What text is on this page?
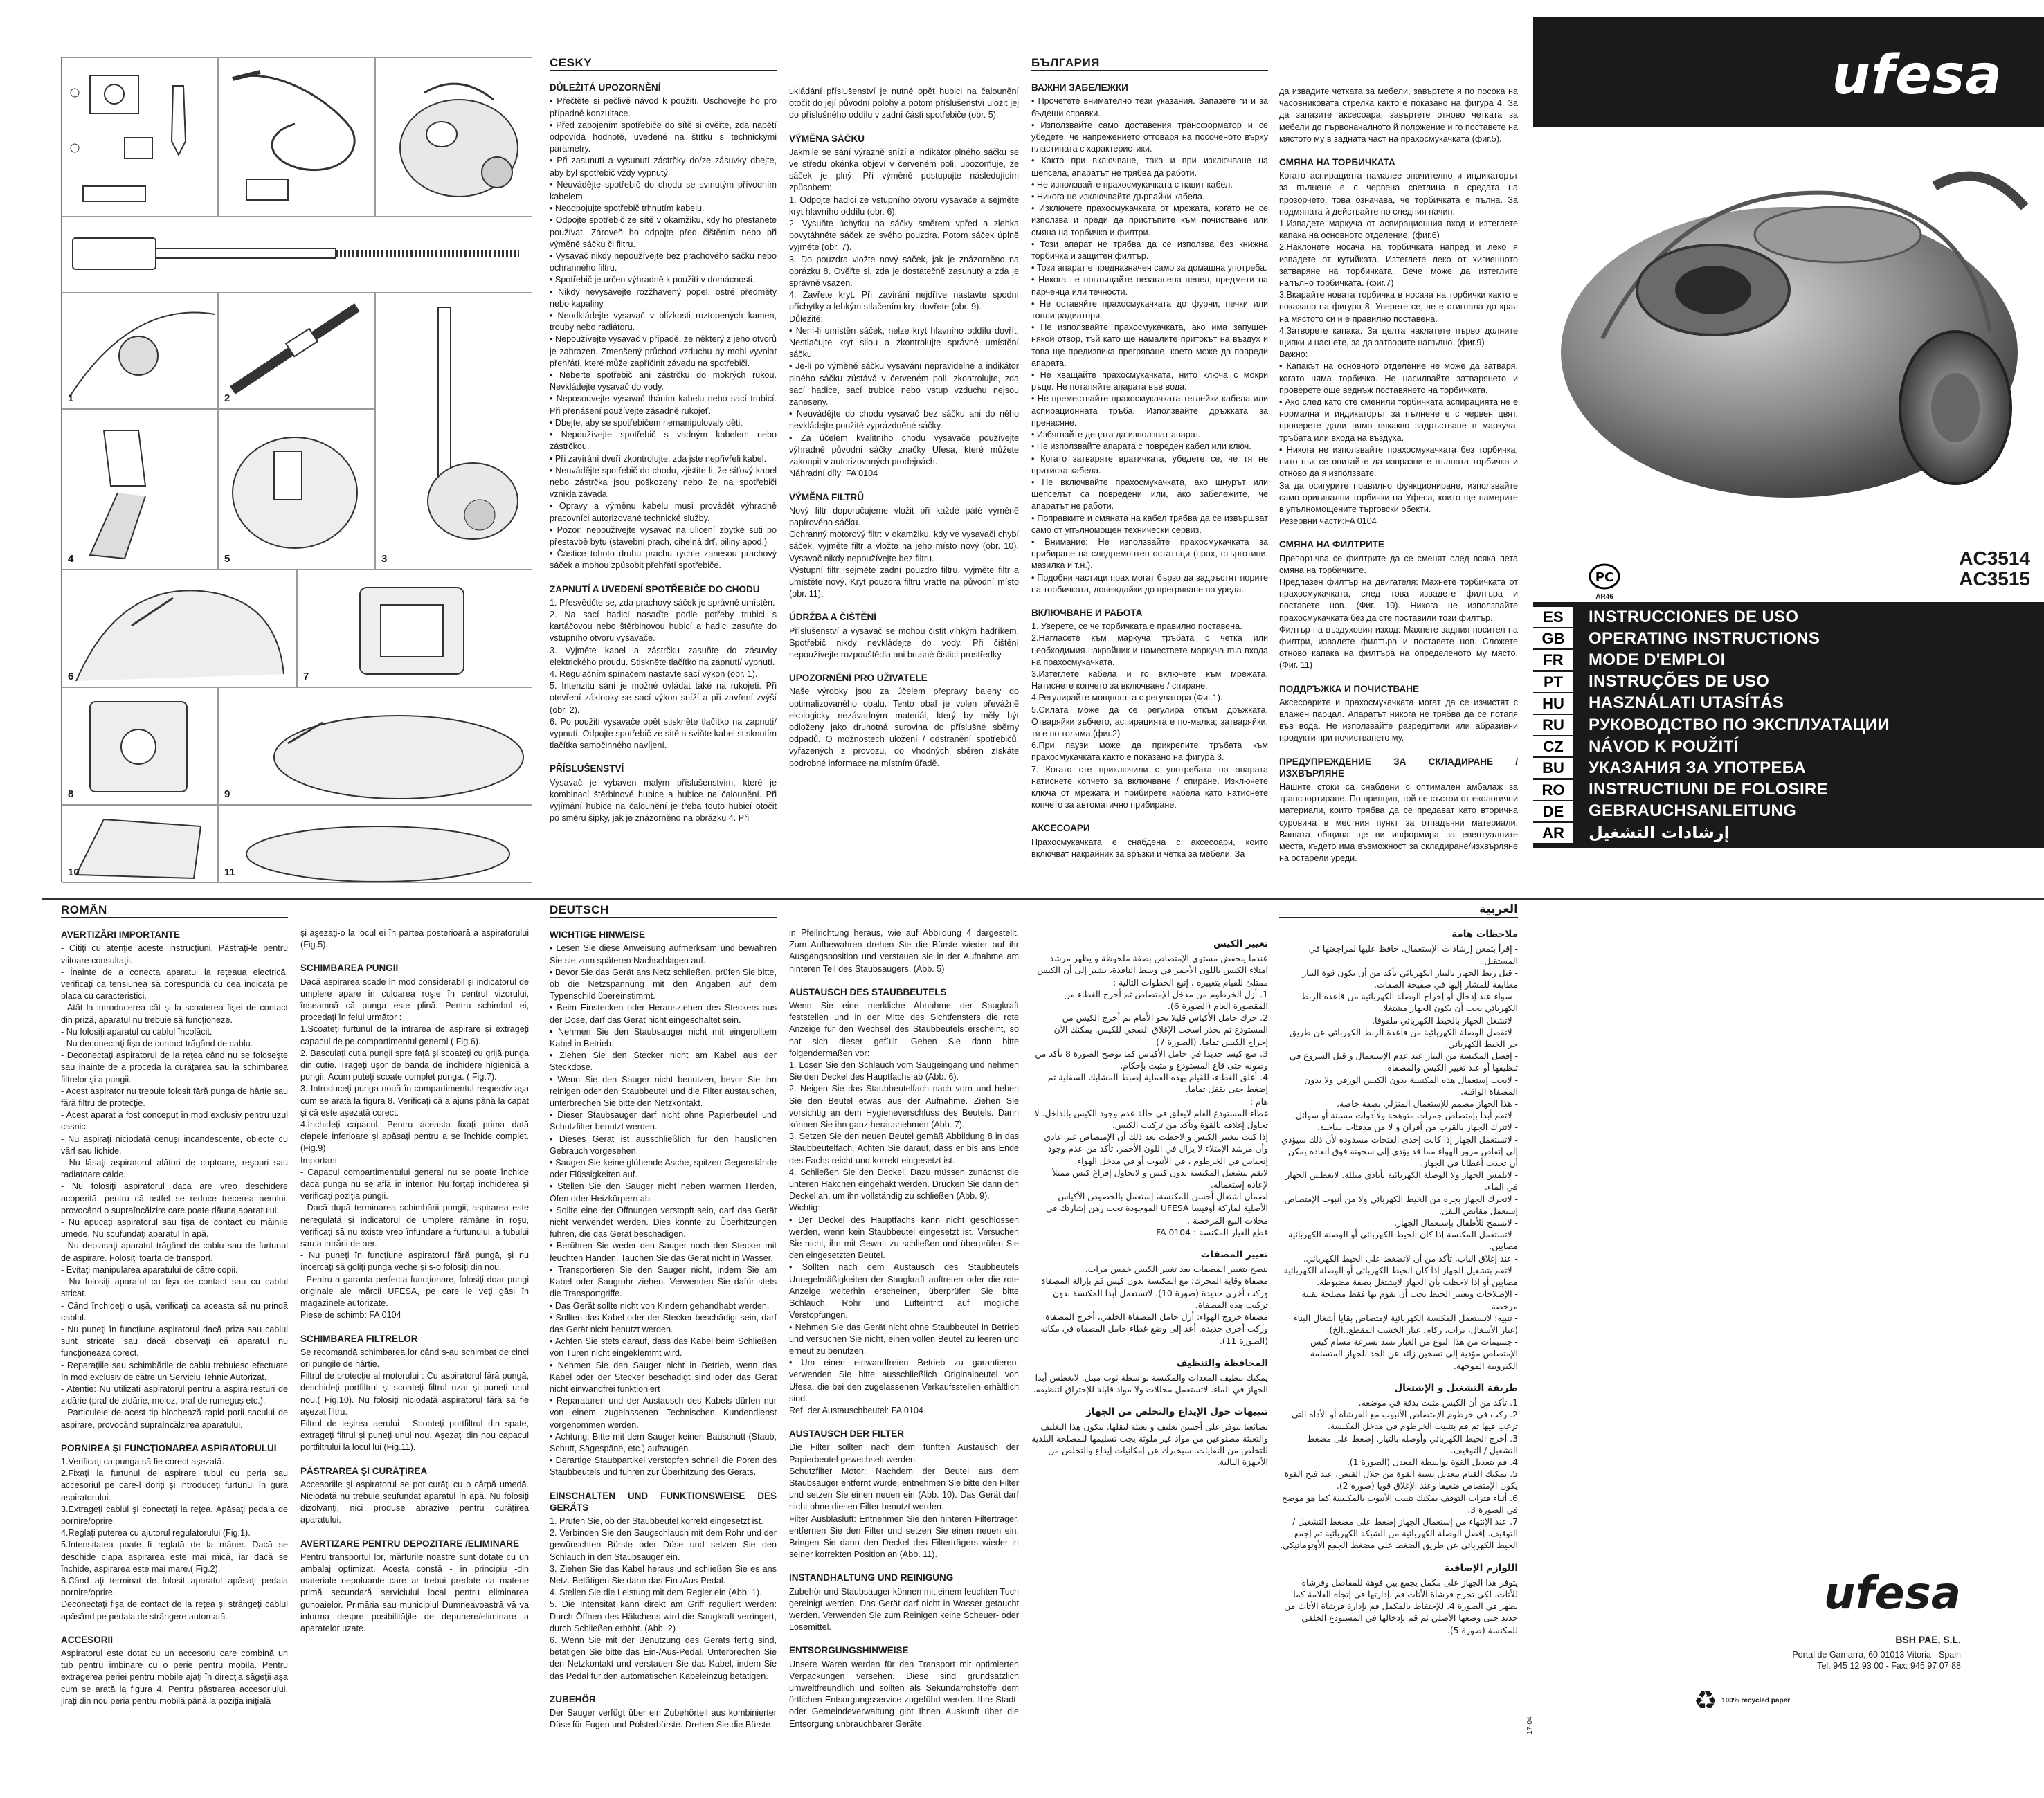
1	2
3
4	5
6	7
8	9
10	11
ČESKY
DŮLEŽITÁ UPOZORNĚNÍ

• Přečtěte si pečlivě návod k použití. Uschovejte ho pro případné konzultace.
• Před zapojením spotřebiče do sítě si ověřte, zda napětí odpovídá hodnotě, uvedené na štítku s technickými parametry.
• Při zasunutí a vysunutí zástrčky do/ze zásuvky dbejte, aby byl spotřebič vždy vypnutý.
• Neuvádějte spotřebič do chodu se svinutým přívodním kabelem.
• Neodpojujte spotřebič trhnutím kabelu.
• Odpojte spotřebič ze sítě v okamžiku, kdy ho přestanete používat. Zároveň ho odpojte před čištěním nebo při výměně sáčku či filtru.
• Vysavač nikdy nepoužívejte bez prachového sáčku nebo ochranného filtru.
• Spotřebič je určen výhradně k použití v domácnosti.
• Nikdy nevysávejte rozžhavený popel, ostré předměty nebo kapaliny.
• Neodkládejte vysavač v blízkosti roztopených kamen, trouby nebo radiátoru.
• Nepoužívejte vysavač v případě, že některý z jeho otvorů je zahrazen. Zmenšený průchod vzduchu by mohl vyvolat přehřátí, které může zapříčinit závadu na spotřebiči.
• Neberte spotřebič ani zástrčku do mokrých rukou. Nevkládejte vysavač do vody.
• Neposouvejte vysavač tháním kabelu nebo sací trubicí. Při přenášení používejte zásadně rukojeť.
• Dbejte, aby se spotřebičem nemanipulovaly děti.
• Nepoužívejte spotřebič s vadným kabelem nebo zástrčkou.
• Při zavírání dveří zkontrolujte, zda jste nepřivřeli kabel.
• Neuvádějte spotřebič do chodu, zjistíte-li, že síťový kabel nebo zástrčka jsou poškozeny nebo že na spotřebiči vznikla závada.
• Opravy a výměnu kabelu musí provádět výhradně pracovníci autorizované technické služby.
• Pozor: nepoužívejte vysavač na ulicení zbytké suti po přestavbě bytu (stavební prach, cihelná drť, piliny apod.)
• Částice tohoto druhu prachu rychle zanesou prachový sáček a mohou způsobit přehřátí spotřebiče.

ZAPNUTÍ A UVEDENÍ SPOTŘEBIČE DO CHODU

1. Přesvědčte se, zda prachový sáček je správně umístěn.
2. Na sací hadici nasaďte podle potřeby trubici s kartáčovou nebo štěrbinovou hubicí a hadici zasuňte do vstupního otvoru vysavače.
3. Vyjměte kabel a zástrčku zasuňte do zásuvky elektrického proudu. Stiskněte tlačítko na zapnutí/ vypnutí.
4. Regulačním spínačem nastavte sací výkon (obr. 1).
5. Intenzitu sání je možné ovládat také na rukojeti. Při otevření záklopky se sací výkon sníží a při zavření zvýší (obr. 2).
6. Po použití vysavače opět stiskněte tlačítko na zapnutí/ vypnutí. Odpojte spotřebič ze sítě a sviňte kabel stisknutím tlačítka samočinného navíjení.

PŘÍSLUŠENSTVÍ

Vysavač je vybaven malým příslušenstvím, které je kombinací štěrbinové hubice a hubice na čalounění. Při vyjímání hubice na čalounění je třeba touto hubicí otočit po směru šipky, jak je znázorněno na obrázku 4. Při

ukládání příslušenství je nutné opět hubici na čalounění otočit do její původní polohy a potom příslušenství uložit jej do příslušného oddílu v zadní části spotřebiče (obr. 5).

VÝMĚNA SÁČKU

Jakmile se sání výrazně sníží a indikátor plného sáčku se ve středu okénka objeví v červeném poli, upozorňuje, že sáček je plný. Při výměně postupujte následujícím způsobem:
1. Odpojte hadici ze vstupního otvoru vysavače a sejměte kryt hlavního oddílu (obr. 6).
2. Vysuňte úchytku na sáčky směrem vpřed a zlehka povytáhněte sáček ze svého pouzdra. Potom sáček úplně vyjměte (obr. 7).
3. Do pouzdra vložte nový sáček, jak je znázorněno na obrázku 8. Ověřte si, zda je dostatečně zasunutý a zda je správně vsazen.
4. Zavřete kryt. Při zavírání nejdříve nastavte spodní příchytky a lehkým stlačením kryt dovřete (obr. 9).
Důležité:
• Není-li umístěn sáček, nelze kryt hlavního oddílu dovřít. Nestlačujte kryt silou a zkontrolujte správné umístění sáčku.
• Je-li po výměně sáčku vysavání nepravidelné a indikátor plného sáčku zůstává v červeném poli, zkontrolujte, zda sací hadice, sací trubice nebo vstup vzduchu nejsou zaneseny.
• Neuvádějte do chodu vysavač bez sáčku ani do něho nevkládejte použité vyprázdněné sáčky.
• Za účelem kvalitního chodu vysavače používejte výhradně původní sáčky značky Ufesa, které můžete zakoupit v autorizovaných prodejnách.
Náhradní díly: FA 0104

VÝMĚNA FILTRŮ

Nový filtr doporučujeme vložit při každé páté výměně papírového sáčku.
Ochranný motorový filtr: v okamžiku, kdy ve vysavači chybí sáček, vyjměte filtr a vložte na jeho místo nový (obr. 10). Vysavač nikdy nepoužívejte bez filtru.
Výstupní filtr: sejměte zadní pouzdro filtru, vyjměte filtr a umístěte nový. Kryt pouzdra filtru vraťte na původní místo (obr. 11).

ÚDRŽBA A ČIŠTĚNÍ

Příslušenství a vysavač se mohou čistit vlhkým hadříkem. Spotřebič nikdy nevkládejte do vody. Při čištění nepoužívejte rozpouštědla ani brusné čisticí prostředky.

UPOZORNĚNÍ PRO UŽIVATELE

Naše výrobky jsou za účelem přepravy baleny do optimalizovaného obalu. Tento obal je volen převážně ekologicky nezávadným materiál, který by měly být odloženy jako druhotná surovina do příslušné sběrny odpadů. O možnostech uložení / odstranění spotřebičů, vyřazených z provozu, do vhodných sběren získáte podrobné informace na místním úřadě.

БЪЛГАРИЯ
ВАЖНИ ЗАБЕЛЕЖКИ

• Прочетете внимателно тези указания. Запазете ги и за бъдещи справки.
• Използвайте само доставения трансформатор и се убедете, че напрежението отговаря на посоченото върху пластината с характеристики.
• Както при включване, така и при изключване на щепсела, апаратът не трябва да работи.
• Не използвайте прахосмукачката с навит кабел.
• Никога не изключвайте дърпайки кабела.
• Изключете прахосмукачката от мрежата, когато не се използва и преди да пристъпите към почистване или смяна на торбичка и филтри.
• Този апарат не трябва да се използва без книжна торбичка и защитен филтър.
• Този апарат е предназначен само за домашна употреба.
• Никога не поглъщайте незагасена пепел, предмети на парченца или течности.
• Не оставяйте прахосмукачката до фурни, печки или топли радиатори.
• Не използвайте прахосмукачката, ако има запушен някой отвор, тъй като ще намалите притокът на въздух и това ще предизвика прегряване, което може да повреди апарата.
• Не хващайте прахосмукачката, нито ключа с мокри ръце. Не потапяйте апарата във вода.
• Не премествайте прахосмукачката теглейки кабела или аспирационната тръба. Използвайте дръжката за пренасяне.
• Избягвайте децата да използват апарат.
• Не използвайте апарата с повреден кабел или ключ.
• Когато затваряте вратичката, убедете се, че тя не притиска кабела.
• Не включвайте прахосмукачката, ако шнурът или щепселът са повредени или, ако забележите, че апаратът не работи.
• Поправките и смяната на кабел трябва да се извършват само от упълномощен технически сервиз.
• Внимание: Не използвайте прахосмукачката за прибиране на следремонтен остатъци (прах, стърготини, мазилка и т.н.).
• Подобни частици прах могат бързо да задръстят порите на торбичката, довеждайки до прегряване на уреда.

ВКЛЮЧВАНЕ И РАБОТА

1. Уверете, се че торбичката е правилно поставена.
2.Нагласете към маркуча тръбата с четка или необходимия накрайник и намествете маркуча във входа на прахосмукачката.
3.Изтеглете кабела и го включете към мрежата. Натиснете копчето за включване / спиране.
4.Регулирайте мощността с регулатора (Фиг.1).
5.Силата може да се регулира откъм дръжката. Отваряйки зъбчето, аспирацията е по-малка; затваряйки, тя е по-голяма.(фиг.2)
6.При паузи може да прикрепите тръбата към прахосмукачката както е показано на фигура 3.
7. Когато сте приключили с употребата на апарата натиснете копчето за включване / спиране. Изключете ключа от мрежата и прибирете кабела като натиснете копчето за автоматично прибиране.

АКСЕСОАРИ

Прахосмукачката е снабдена с аксесоари, които включват накрайник за връзки и четка за мебели. За

да извадите четката за мебели, завъртете я по посока на часовниковата стрелка както е показано на фигура 4. За да запазите аксесоара, завъртете отново четката за мебели до първоначалното й положение и го поставете на мястото му в задната част на прахосмукачката (фиг.5).

СМЯНА НА ТОРБИЧКАТА

Когато аспирацията намалее значително и индикаторът за пълнене е с червена светлина в средата на прозорчето, това означава, че торбичката е пълна. За подмяната ѝ действайте по следния начин:
1.Извадете маркуча от аспирационния вход и изтеглете капака на основното отделение. (фиг.6)
2.Наклонете носача на торбичката напред и леко я извадете от кутийката. Изтеглете леко от хигиенното затваряне на торбичката. Вече може да изтеглите напълно торбичката. (фиг.7)
3.Вкарайте новата торбичка в носача на торбички както е показано на фигура 8. Уверете се, че е стигнала до края на мястото си и е правилно поставена.
4.Затворете капака. За целта наклатете първо долните щипки и наснете, за да затворите напълно. (фиг.9)
Важно:
• Капакът на основното отделение не може да затваря, когато няма торбичка. Не насилвайте затварянето и проверете още веднъж поставянето на торбичката.
• Ако след като сте сменили торбичката аспирацията не е нормална и индикаторът за пълнене е с червен цвят, проверете дали няма някакво задръстване в маркуча, тръбата или входа на въздуха.
• Никога не използвайте прахосмукачката без торбичка, нито пък се опитайте да изпразните пълната торбичка и отново да я използвате.
За да осигурите правилно функциониране, използвайте само оригинални торбички на Уфеса, които ще намерите в упълномощените търговски обекти.
Резервни части:FA 0104

СМЯНА НА ФИЛТРИТЕ

Препоръчва се филтрите да се сменят след всяка пета смяна на торбичките.
Предпазен филтър на двигателя: Махнете торбичката от прахосмукачката, след това извадете филтъра и поставете нов. (Фиг. 10). Никога не използвайте прахосмукачката без да сте поставили този филтър.
Филтър на въздуховия изход: Махнете задния носител на филтри, извадете филтъра и поставете нов. Сложете отново капака на филтъра на определеното му място. (Фиг. 11)

ПОДДРЪЖКА И ПОЧИСТВАНЕ

Аксесоарите и прахосмукачката могат да се изчистят с влажен парцал. Апаратът никога не трябва да се потапя във вода. Не използвайте разредители или абразивни продукти при почистването му.

ПРЕДУПРЕЖДЕНИЕ ЗА СКЛАДИРАНЕ / ИЗХВЪРЛЯНЕ

Нашите стоки са снабдени с оптимален амбалаж за транспортиране. По принцип, той се състои от екологични материали, които трябва да се предават като вторична суровина в местния пункт за отпадъчни материали. Вашата община ще ви информира за евентуалните места, където има възможност за складиране/изхвърляне на остарели уреди.

ufesa
PC
AR46
AC3514
AC3515
ES	INSTRUCCIONES DE USO
GB	OPERATING INSTRUCTIONS
FR	MODE D'EMPLOI
PT	INSTRUÇÕES DE USO
HU	HASZNÁLATI UTASÍTÁS
RU	РУКОВОДСТВО ПО ЭКСПЛУАТАЦИИ
CZ	NÁVOD K POUŽITÍ
BU	УКАЗАНИЯ ЗА УПОТРЕБА
RO	INSTRUCTIUNI DE FOLOSIRE
DE	GEBRAUCHSANLEITUNG
AR	إرشادات التشغيل
ROMÂN
AVERTIZĂRI IMPORTANTE

- Citiţi cu atenţie aceste instrucţiuni. Păstraţi-le pentru viitoare consultaţii.
- Înainte de a conecta aparatul la reţeaua electrică, verificaţi ca tensiunea să corespundă cu cea indicată pe placa cu caracteristici.
- Atât la introducerea cât şi la scoaterea fişei de contact din priză, aparatul nu trebuie să funcţioneze.
- Nu folosiţi aparatul cu cablul încolăcit.
- Nu deconectaţi fişa de contact trăgând de cablu.
- Deconectaţi aspiratorul de la reţea când nu se foloseşte sau înainte de a proceda la curăţarea sau la schimbarea filtrelor şi a pungii.
- Acest aspirator nu trebuie folosit fără punga de hârtie sau fără filtru de protecţie.
- Acest aparat a fost conceput în mod exclusiv pentru uzul casnic.
- Nu aspiraţi niciodată cenuşi incandescente, obiecte cu vârf sau lichide.
- Nu lăsaţi aspiratorul alături de cuptoare, reşouri sau radiatoare calde.
- Nu folosiţi aspiratorul dacă are vreo deschidere acoperită, pentru că astfel se reduce trecerea aerului, provocând o supraîncălzire care poate dăuna aparatului.
- Nu apucaţi aspiratorul sau fişa de contact cu mâinile umede. Nu scufundaţi aparatul în apă.
- Nu deplasaţi aparatul trăgând de cablu sau de furtunul de aspirare. Folosiţi toarta de transport.
- Evitaţi manipularea aparatului de către copii.
- Nu folosiţi aparatul cu fişa de contact sau cu cablul stricat.
- Când închideţi o uşă, verificaţi ca aceasta să nu prindă cablul.
- Nu puneţi în funcţiune aspiratorul dacă priza sau cablul sunt stricate sau dacă observaţi că aparatul nu funcţionează corect.
- Reparaţiile sau schimbările de cablu trebuiesc efectuate în mod exclusiv de către un Serviciu Tehnic Autorizat.
- Atentie: Nu utilizati aspiratorul pentru a aspira resturi de zidărie (praf de zidărie, moloz, praf de rumeguş etc.).
- Particulele de acest tip blochează rapid porii sacului de aspirare, provocând supraîncălzirea aparatului.

PORNIREA ŞI FUNCŢIONAREA ASPIRATORULUI

1.Verificaţi ca punga să fie corect aşezată.
2.Fixaţi la furtunul de aspirare tubul cu peria sau accesoriul pe care-l doriţi şi introduceţi furtunul în gura aspiratorului.
3.Extrageţi cablul şi conectaţi la reţea. Apăsaţi pedala de pornire/oprire.
4.Reglaţi puterea cu ajutorul regulatorului (Fig.1).
5.Intensitatea poate fi reglată de la mâner. Dacă se deschide clapa aspirarea este mai mică, iar dacă se închide, aspirarea este mai mare.( Fig.2).
6.Când aţi terminat de folosit aparatul apăsaţi pedala pornire/oprire.
Deconectaţi fişa de contact de la reţea şi strângeţi cablul apăsând pe pedala de strângere automată.

ACCESORII

Aspiratorul este dotat cu un accesoriu care combină un tub pentru îmbinare cu o perie pentru mobilă. Pentru extragerea periei pentru mobile ajaţi în direcţia săgeţii aşa cum se arată la figura 4. Pentru păstrarea accesoriului, jiraţi din nou peria pentru mobilă până la poziţia iniţială

şi aşezaţi-o la locul ei în partea posterioară a aspiratorului (Fig.5).

SCHIMBAREA PUNGII

Dacă aspirarea scade în mod considerabil şi indicatorul de umplere apare în culoarea roşie în centrul vizorului, înseamnă că punga este plină. Pentru schimbul ei, procedaţi în felul următor :
1.Scoateţi furtunul de la intrarea de aspirare şi extrageţi capacul de pe compartimentul general ( Fig.6).
2. Basculaţi cutia pungii spre faţă şi scoateţi cu grijă punga din cutie. Trageţi uşor de banda de închidere higienică a pungii. Acum puteţi scoate complet punga. ( Fig.7).
3. Introduceţi punga nouă în compartimentul respectiv aşa cum se arată la figura 8. Verificaţi că a ajuns până la capăt şi că este aşezată corect.
4.Închideţi capacul. Pentru aceasta fixaţi prima dată clapele inferioare şi apăsaţi pentru a se închide complet. (Fig.9)
Important :
- Capacul compartimentului general nu se poate închide dacă punga nu se află în interior. Nu forţaţi închiderea şi verificaţi poziţia pungii.
- Dacă după terminarea schimbării pungii, aspirarea este neregulată şi indicatorul de umplere rămâne în roşu, verificaţi să nu existe vreo înfundare a furtunului, a tubului sau a intrării de aer.
- Nu puneţi în funcţiune aspiratorul fără pungă, şi nu încercaţi să goliţi punga veche şi s-o folosiţi din nou.
- Pentru a garanta perfecta funcţionare, folosiţi doar pungi originale ale mărcii UFESA, pe care le veţi găsi în magazinele autorizate.
Piese de schimb: FA 0104

SCHIMBAREA FILTRELOR

Se recomandă schimbarea lor când s-au schimbat de cinci ori pungile de hârtie.
Filtrul de protecţie al motorului : Cu aspiratorul fără pungă, deschideţi portfiltrul şi scoateţi filtrul uzat şi puneţi unul nou.( Fig.10). Nu folosiţi niciodată aspiratorul fără să fie aşezat filtru.
Filtrul de ieşirea aerului : Scoateţi portfiltrul din spate, extrageţi filtrul şi puneţi unul nou. Aşezaţi din nou capacul portfiltrului la locul lui (Fig.11).

PĂSTRAREA ŞI CURĂŢIREA

Accesoriile şi aspiratorul se pot curăţi cu o cârpă umedă. Niciodată nu trebuie scufundat aparatul în apă. Nu folosiţi dizolvanţi, nici produse abrazive pentru curăţirea aparatului.

AVERTIZARE PENTRU DEPOZITARE /ELIMINARE

Pentru transportul lor, mărfurile noastre sunt dotate cu un ambalaj optimizat. Acesta constă - în principiu -din materiale nepoluante care ar trebui predate ca materie primă secundară serviciului local pentru eliminarea gunoaielor. Primăria sau municipiul Dumneavoastră vă va informa despre posibilităţile de depunere/eliminare a aparatelor uzate.

DEUTSCH
WICHTIGE HINWEISE

• Lesen Sie diese Anweisung aufmerksam und bewahren Sie sie zum späteren Nachschlagen auf.
• Bevor Sie das Gerät ans Netz schließen, prüfen Sie bitte, ob die Netzspannung mit den Angaben auf dem Typenschild übereinstimmt.
• Beim Einstecken oder Herausziehen des Steckers aus der Dose, darf das Gerät nicht eingeschaltet sein.
• Nehmen Sie den Staubsauger nicht mit eingerolltem Kabel in Betrieb.
• Ziehen Sie den Stecker nicht am Kabel aus der Steckdose.
• Wenn Sie den Sauger nicht benutzen, bevor Sie ihn reinigen oder den Staubbeutel und die Filter austauschen, unterbrechen Sie bitte den Netzkontakt.
• Dieser Staubsauger darf nicht ohne Papierbeutel und Schutzfilter benutzt werden.
• Dieses Gerät ist ausschließlich für den häuslichen Gebrauch vorgesehen.
• Saugen Sie keine glühende Asche, spitzen Gegenstände oder Flüssigkeiten auf.
• Stellen Sie den Sauger nicht neben warmen Herden, Öfen oder Heizkörpern ab.
• Sollte eine der Öffnungen verstopft sein, darf das Gerät nicht verwendet werden. Dies könnte zu Überhitzungen führen, die das Gerät beschädigen.
• Berühren Sie weder den Sauger noch den Stecker mit feuchten Händen. Tauchen Sie das Gerät nicht in Wasser.
• Transportieren Sie den Sauger nicht, indem Sie am Kabel oder Saugrohr ziehen. Verwenden Sie dafür stets die Transportgriffe.
• Das Gerät sollte nicht von Kindern gehandhabt werden.
• Sollten das Kabel oder der Stecker beschädigt sein, darf das Gerät nicht benutzt werden.
• Achten Sie stets darauf, dass das Kabel beim Schließen von Türen nicht eingeklemmt wird.
• Nehmen Sie den Sauger nicht in Betrieb, wenn das Kabel oder der Stecker beschädigt sind oder das Gerät nicht einwandfrei funktioniert
• Reparaturen und der Austausch des Kabels dürfen nur von einem zugelassenen Technischen Kundendienst vorgenommen werden.
• Achtung: Bitte mit dem Sauger keinen Bauschutt (Staub, Schutt, Sägespäne, etc.) aufsaugen.
• Derartige Staubpartikel verstopfen schnell die Poren des Staubbeutels und führen zur Überhitzung des Geräts.

EINSCHALTEN UND FUNKTIONSWEISE DES GERÄTS

1. Prüfen Sie, ob der Staubbeutel korrekt eingesetzt ist.
2. Verbinden Sie den Saugschlauch mit dem Rohr und der gewünschten Bürste oder Düse und setzen Sie den Schlauch in den Staubsauger ein.
3. Ziehen Sie das Kabel heraus und schließen Sie es ans Netz. Betätigen Sie dann das Ein-/Aus-Pedal.
4. Stellen Sie die Leistung mit dem Regler ein (Abb. 1).
5. Die Intensität kann direkt am Griff reguliert werden: Durch Öffnen des Häkchens wird die Saugkraft verringert, durch Schließen erhöht. (Abb. 2)
6. Wenn Sie mit der Benutzung des Geräts fertig sind, betätigen Sie bitte das Ein-/Aus-Pedal. Unterbrechen Sie den Netzkontakt und verstauen Sie das Kabel, indem Sie das Pedal für den automatischen Kabeleinzug betätigen.

ZUBEHÖR

Der Sauger verfügt über ein Zubehörteil aus kombinierter Düse für Fugen und Polsterbürste. Drehen Sie die Bürste

in Pfeilrichtung heraus, wie auf Abbildung 4 dargestellt. Zum Aufbewahren drehen Sie die Bürste wieder auf ihr Ausgangsposition und verstauen sie in der Aufnahme am hinteren Teil des Staubsaugers. (Abb. 5)

AUSTAUSCH DES STAUBBEUTELS

Wenn Sie eine merkliche Abnahme der Saugkraft feststellen und in der Mitte des Sichtfensters die rote Anzeige für den Wechsel des Staubbeutels erscheint, so hat sich dieser gefüllt. Gehen Sie dann bitte folgendermaßen vor:
1. Lösen Sie den Schlauch vom Saugeingang und nehmen Sie den Deckel des Hauptfachs ab (Abb. 6).
2. Neigen Sie das Staubbeutelfach nach vorn und heben Sie den Beutel etwas aus der Aufnahme. Ziehen Sie vorsichtig an dem Hygieneverschluss des Beutels. Dann können Sie ihn ganz herausnehmen (Abb. 7).
3. Setzen Sie den neuen Beutel gemäß Abbildung 8 in das Staubbeutelfach. Achten Sie darauf, dass er bis ans Ende des Fachs reicht und korrekt eingesetzt ist.
4. Schließen Sie den Deckel. Dazu müssen zunächst die unteren Häkchen eingehakt werden. Drücken Sie dann den Deckel an, um ihn vollständig zu schließen (Abb. 9).
Wichtig:
• Der Deckel des Hauptfachs kann nicht geschlossen werden, wenn kein Staubbeutel eingesetzt ist. Versuchen Sie nicht, ihn mit Gewalt zu schließen und überprüfen Sie den eingesetzten Beutel.
• Sollten nach dem Austausch des Staubbeutels Unregelmäßigkeiten der Saugkraft auftreten oder die rote Anzeige weiterhin erscheinen, überprüfen Sie bitte Schlauch, Rohr und Lufteintritt auf mögliche Verstopfungen.
• Nehmen Sie das Gerät nicht ohne Staubbeutel in Betrieb und versuchen Sie nicht, einen vollen Beutel zu leeren und erneut zu benutzen.
• Um einen einwandfreien Betrieb zu garantieren, verwenden Sie bitte ausschließlich Originalbeutel von Ufesa, die bei den zugelassenen Verkaufsstellen erhältlich sind.
Ref. der Austauschbeutel: FA 0104

AUSTAUSCH DER FILTER

Die Filter sollten nach dem fünften Austausch der Papierbeutel gewechselt werden.
Schutzfilter Motor: Nachdem der Beutel aus dem Staubsauger entfernt wurde, entnehmen Sie bitte den Filter und setzen Sie einen neuen ein (Abb. 10). Das Gerät darf nicht ohne diesen Filter benutzt werden.
Filter Ausblasluft: Entnehmen Sie den hinteren Filterträger, entfernen Sie den Filter und setzen Sie einen neuen ein. Bringen Sie dann den Deckel des Filterträgers wieder in seiner korrekten Position an (Abb. 11).

INSTANDHALTUNG UND REINIGUNG

Zubehör und Staubsauger können mit einem feuchten Tuch gereinigt werden. Das Gerät darf nicht in Wasser getaucht werden. Verwenden Sie zum Reinigen keine Scheuer- oder Lösemittel.

ENTSORGUNGSHINWEISE

Unsere Waren werden für den Transport mit optimierten Verpackungen versehen. Diese sind grundsätzlich umweltfreundlich und sollten als Sekundärrohstoffe dem örtlichen Entsorgungsservice zugeführt werden. Ihre Stadt- oder Gemeindeverwaltung gibt Ihnen Auskunft über die Entsorgung unbrauchbarer Geräte.

تغيير الكيس

عندما ينخفض مستوى الإمتصاص بصفة ملحوظة و يظهر مرشد امتلاء الكيس باللون الأحمر في وسط النافذة، يشير إلى أن الكيس ممتلئ للقيام بتغييره ، إتبع الخطوات التالية :
1. أزل الخرطوم من مدخل الإمتصاص ثم أخرج الغطاء من المقصورة العام (الصورة 6).
2. حرك حامل الأكياس قليلا نحو الأمام ثم أخرج الكيس من المستودع ثم بحذر اسحب الإغلاق الصحي للكيس. يمكنك الآن إخراج الكيس تماما. (الصورة 7)
3. ضع كيسا جديدا في حامل الأكياس كما توضح الصورة 8 تأكد من وصوله حتى قاع المستودع و مثبت بإحكام.
4. أغلق الغطاء، للقيام بهذه العملية إضبط المشابك السفلية ثم إضغط حتى يقفل تماما.
هام :
غطاء المستودع العام لايغلق في حالة عدم وجود الكيس بالداخل. لا تحاول إغلاقه بالقوة وتأكد من تركيب الكيس.
إذا كنت بتغيير الكيس و لاحظت بعد ذلك أن الإمتصاص غير عادي وأن مرشد الإمتلاء لا يزال في اللون الأحمر، تأكد من عدم وجود إنحباس في الخرطوم ، في الأنبوب أو في مدخل الهواء.
لاتقم بتشغيل المكنسة بدون كيس و لاتحاول إفراغ كيس ممتلأ لإعادة إستعماله.
لضمان اشتغال أحسن للمكنسة، إستعمل بالخصوص الأكياس الأصلية لماركة أوفيسا UFESA الموجودة تحت رهن إشارتك في محلات البيع المرخصة .
قطع الغيار المكنسة : FA 0104

تغيير المصفات

ينصح بتغيير المصفات بعد تغيير الكيس خمس مرات.
مصفاة وقاية المحرك: مع المكنسة بدون كيس قم بإزالة المصفاة وركب أخرى جديدة (صورة 10). لاتستعمل أبدا المكنسة بدون تركيب هذه المصفاة.
مصفاة خروج الهواء: أزل حامل المصفاة الخلفي، أخرج المصفاة وركب أخرى جديدة. أعد إلى وضع غطاء حامل المصفاة في مكانه (الصورة 11).

المحافظة والتنظيف

يمكنك تنظيف المعدات والمكنسة بواسطة ثوب مبتل. لاتغطس أبدا الجهاز في الماء. لاتستعمل محللات ولا مواد قابلة للإحتراق لتنظيفه.

تنبيهات حول الإيداع والتخلص من الجهاز

بضائعنا تتوفر على أحسن تغليف و تعبئة لنقلها. يتكون هذا التغليف والتعبئة مصنوعين من مواد غير ملوثة يجب تسليمها للمصلحة البلدية للتخلص من النفايات. سيخبرك عن إمكانيات إيداع والتخلص من الأجهزة البالية.

العربية
ملاحظات هامة

- إقرأ بتمعن إرشادات الإستعمال. حافظ عليها لمراجعتها في المستقبل.
- قبل ربط الجهاز بالتيار الكهربائي تأكد من أن تكون قوة التيار مطابقة للمشار إليها في صفيحة الصفات.
- سواء عند إدخال أو إخراج الوصلة الكهربائية من قاعدة الربط الكهربائي يجب أن يكون الجهاز مشتغلا.
- لاتشغل الجهاز بالخيط الكهربائي ملفوفا.
- لاتفصل الوصلة الكهربائية من قاعدة الربط الكهربائي عن طريق جر الخيط الكهربائي.
- إفصل المكنسة من التيار عند عدم الإستعمال و قبل الشروع في تنظيفها أو عند تغيير الكيس والمصفاة.
- لايجب إستعمال هذه المكنسة بدون الكيس الورقي ولا بدون المصفاة الواقية.
- هذا الجهاز مصمم للإستعمال المنزلي بصفة خاصة.
- لاتقم أبدا بإمتصاص جمرات متوهجة ولاأدوات مسننة أو سوائل.
- لاتترك الجهاز بالقرب من أفران و لا من مدفئات ساخنة.
- لاتستعمل الجهاز إذا كانت إحدى الفتحات مسدودة لأن ذلك سيؤدي إلى إنقاص مرور الهواء مما قد يؤدي إلى سخونة فوق العادة يمكن أن تحدث أعطابا في الجهاز.
- لاتلمس الجهاز ولا الوصلة الكهربائية بأيادي مبللة. لاتغطس الجهاز في الماء.
- لاتحرك الجهاز بجره من الخيط الكهربائي ولا من أنبوب الإمتصاص. إستعمل مقابض النقل.
- لاتسمح للأطفال بإستعمال الجهاز.
- لاتستعمل المكنسة إذا كان الخيط الكهربائي أو الوصلة الكهربائية مصابين.
- عند إغلاق الباب، تأكد من أن لاتضغط على الخيط الكهربائي.
- لاتقم بتشغيل الجهاز إذا كان الخيط الكهربائي أو الوصلة الكهربائية مصابين أو إذا لاحظت بأن الجهاز لايشتغل بصفة مضبوطة.
- الإصلاحات وتغيير الخيط يجب أن تقوم بها فقط مصلحة تقنية مرخصة.
- تنبيه: لاتستعمل المكنسة الكهربائية لإمتصاص بقايا أشغال البناء (غبار الأشغال، تراب، ركام، غبار الخشب المقطع..الخ).
- جسيمات من هذا النوع من الغبار تسد بسرعة مسام كيس الإمتصاص مؤدية إلى تسخين زائد عن الحد للجهاز المتسلمة الكتروبية الموجهة.

طريقة التشغيل و الإشتغال

1. تأكد من أن الكيس مثبت بدقة في موضعه.
2. ركب في خرطوم الإمتصاص الأنبوب مع الفرشاة أو الأداة التي ترغب فيها ثم قم بتثبيت الخرطوم في مدخل المكنسة.
3. أخرج الخيط الكهربائي وأوصله بالتيار. إضغط على مضغط التشغيل / التوقيف.
4. قم بتعديل القوة بواسطة المعدل (الصورة 1).
5. يمكنك القيام بتعديل نسبة القوة من خلال القبض. عند فتح القوة يكون الإمتصاص ضعيفا وعند الإغلاق قويا (صورة 2).
6. أثناء فترات التوقف يمكنك تثبيت الأنبوب بالمكنسة كما هو موضح في الصورة 3.
7. عند الإنتهاء من إستعمال الجهاز إضغط على مضغط التشغيل / التوقيف. إفصل الوصلة الكهربائية من الشبكة الكهربائية ثم إجمع الخيط الكهربائي عن طريق الضغط على مضغط الجمع الأوتوماتيكي.

اللوازم الإضافية

يتوفر هذا الجهاز على مكمل يجمع بين فوهة للمفاصل وفرشاة للأثاث. لكي تخرج فرشاة الأثاث قم بإدارتها في إتجاه العلامة كما يظهر في الصورة 4. للإحتفاظ بالمكمل قم بإدارة فرشاة الأثاث من جديد حتى وضعها الأصلي ثم قم بإدخالها في المستودع الخلفي للمكنسة (صورة 5).

ufesa
BSH PAE, S.L.
Portal de Gamarra, 60 01013 Vitoria - Spain
Tel. 945 12 93 00 - Fax: 945 97 07 88
♻ 100% recycled paper
17-04
